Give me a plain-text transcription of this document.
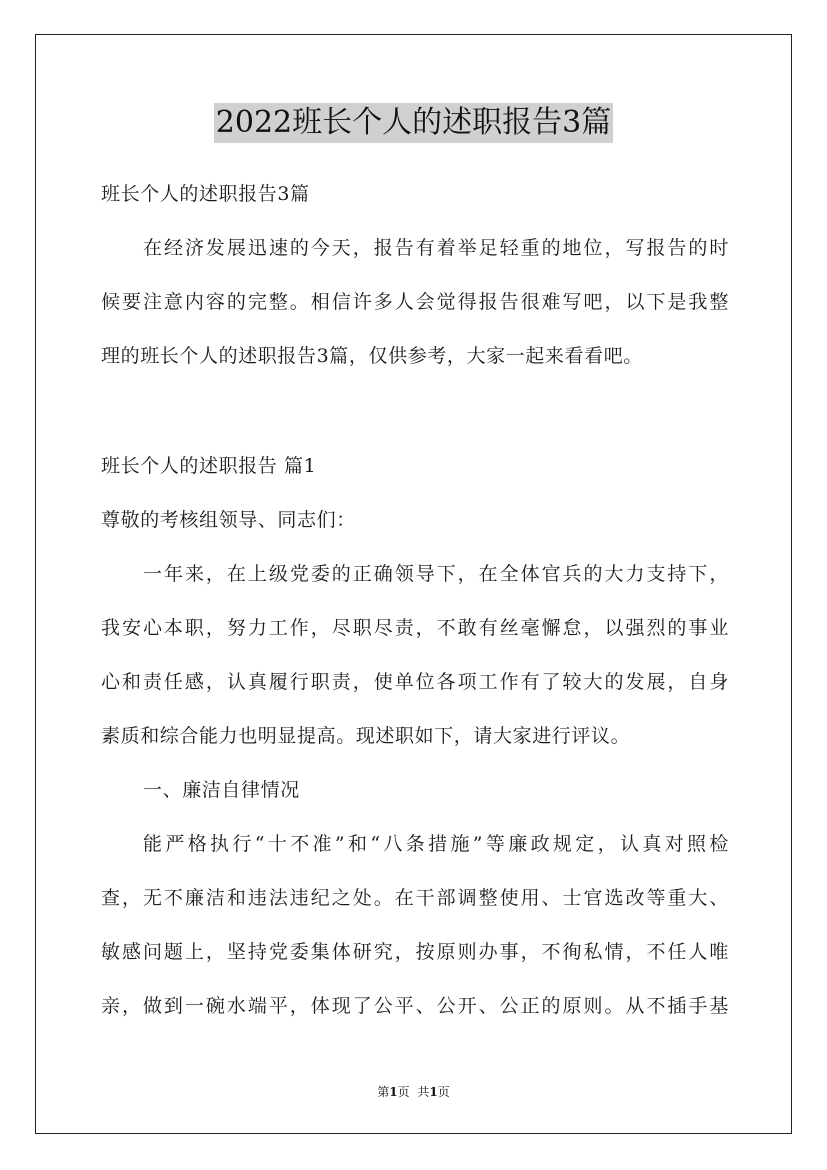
2022班长个人的述职报告3篇
班长个人的述职报告3篇
在经济发展迅速的今天，报告有着举足轻重的地位，写报告的时
候要注意内容的完整。相信许多人会觉得报告很难写吧，以下是我整
理的班长个人的述职报告3篇，仅供参考，大家一起来看看吧。
班长个人的述职报告 篇1
尊敬的考核组领导、同志们：
一年来，在上级党委的正确领导下，在全体官兵的大力支持下，
我安心本职，努力工作，尽职尽责，不敢有丝毫懈怠，以强烈的事业
心和责任感，认真履行职责，使单位各项工作有了较大的发展，自身
素质和综合能力也明显提高。现述职如下，请大家进行评议。
一、廉洁自律情况
能严格执行“十不准”和“八条措施”等廉政规定，认真对照检
查，无不廉洁和违法违纪之处。在干部调整使用、士官选改等重大、
敏感问题上，坚持党委集体研究，按原则办事，不徇私情，不任人唯
亲，做到一碗水端平，体现了公平、公开、公正的原则。从不插手基
第1页 共1页
